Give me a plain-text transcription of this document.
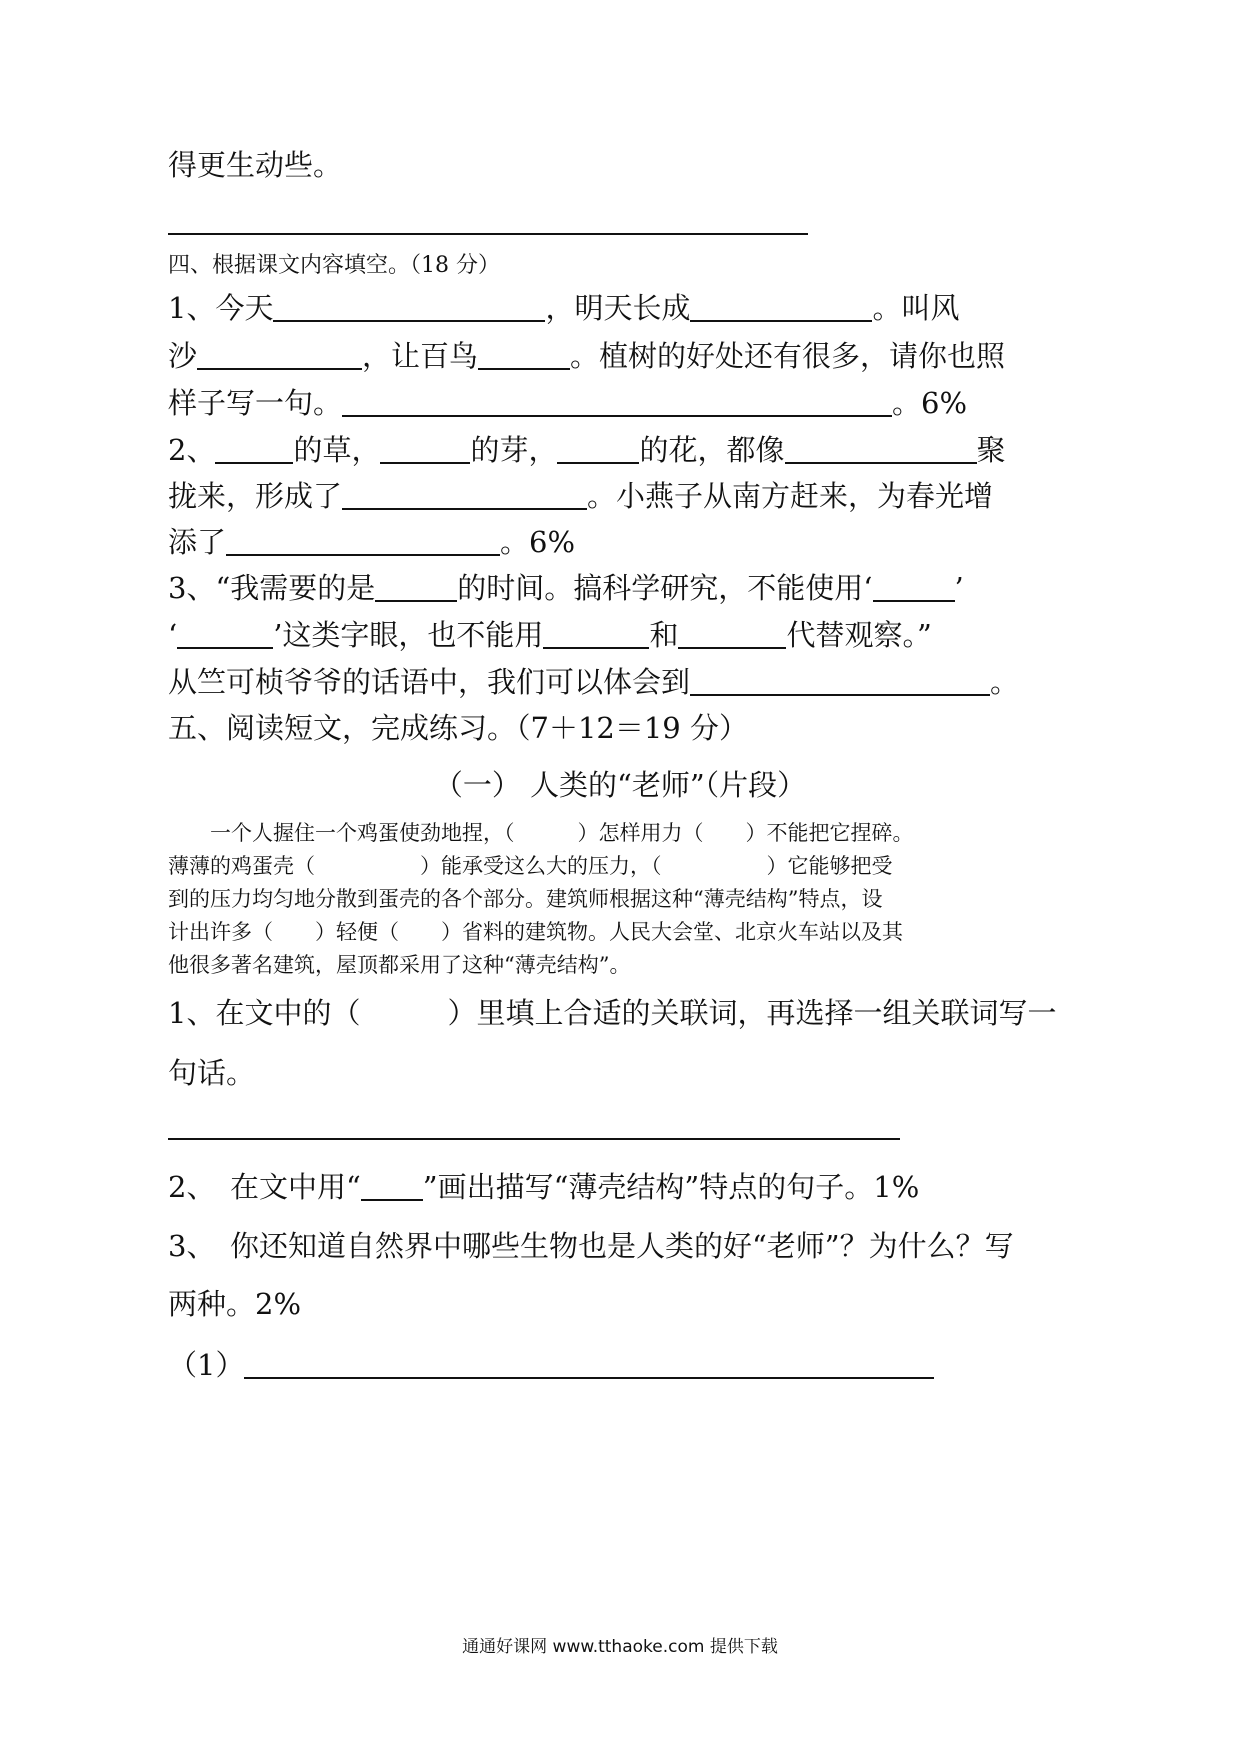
得更生动些。
四、根据课文内容填空。（18 分）
1、今天	，明天长成	。叫风
沙	，让百鸟	。植树的好处还有很多，请你也照
样子写一句。	。6%
2、	的草，	的芽，	的花，都像	聚
拢来，形成了	。小燕子从南方赶来，为春光增
添了	。6%
3、“我需要的是	的时间。搞科学研究，不能使用‘	’
‘	’这类字眼，也不能用	和	代替观察。”
从竺可桢爷爷的话语中，我们可以体会到	。
五、阅读短文，完成练习。（7＋12＝19 分）
（一） 人类的“老师”（片段）
　　一个人握住一个鸡蛋使劲地捏，（　　　）怎样用力（　　）不能把它捏碎。
薄薄的鸡蛋壳（　　　　　）能承受这么大的压力，（　　　　　）它能够把受
到的压力均匀地分散到蛋壳的各个部分。建筑师根据这种“薄壳结构”特点，设
计出许多（　　）轻便（　　）省料的建筑物。人民大会堂、北京火车站以及其
他很多著名建筑，屋顶都采用了这种“薄壳结构”。
1、在文中的（　　　）里填上合适的关联词，再选择一组关联词写一
句话。
2、　在文中用“ ”画出描写“薄壳结构”特点的句子。1%
3、　你还知道自然界中哪些生物也是人类的好“老师”？为什么？写
两种。2%
（1）
通通好课网 www.tthaoke.com 提供下载
